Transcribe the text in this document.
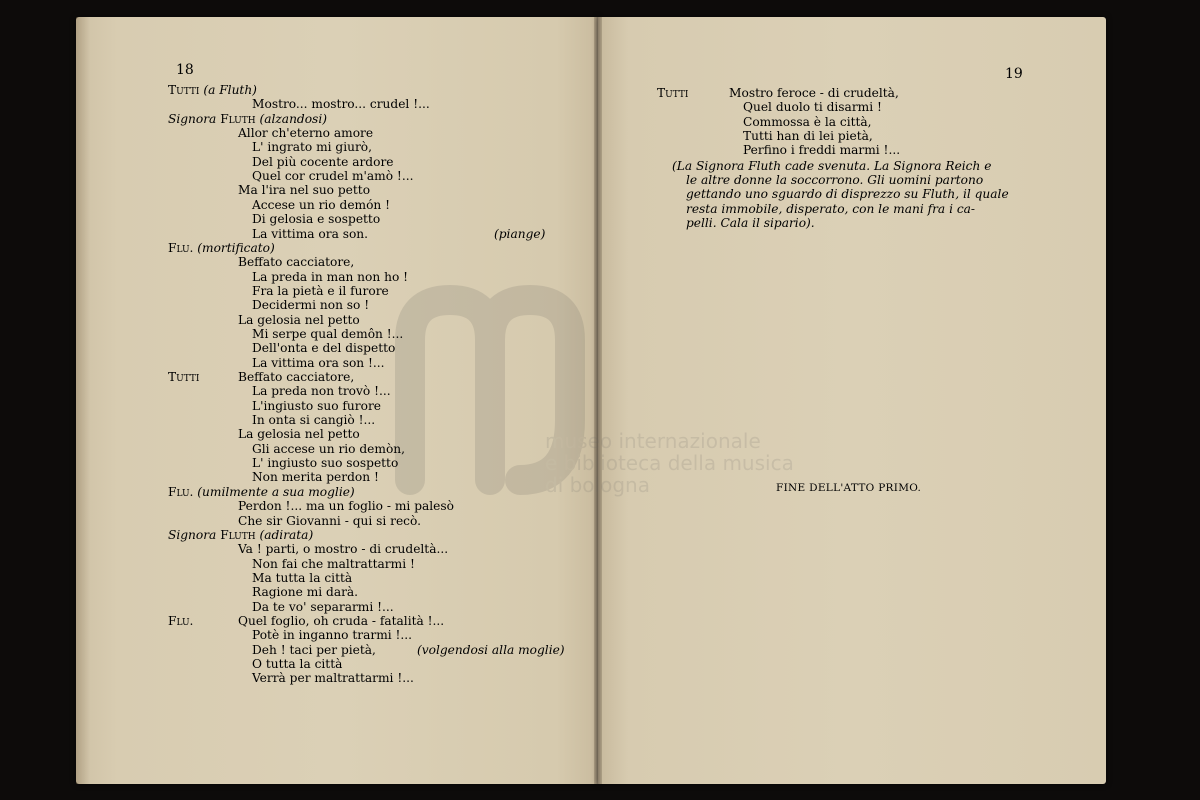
18	19
Tutti (a Fluth)
Mostro... mostro... crudel !...
Signora Fluth (alzandosi)
Allor ch'eterno amore
L' ingrato mi giurò,
Del più cocente ardore
Quel cor crudel m'amò !...
Ma l'ira nel suo petto
Accese un rio demón !
Di gelosia e sospetto
La vittima ora son.	(piange)
Flu. (mortificato)
Beffato cacciatore,
La preda in man non ho !
Fra la pietà e il furore
Decidermi non so !
La gelosia nel petto
Mi serpe qual demôn !...
Dell'onta e del dispetto
La vittima ora son !...
Tutti	Beffato cacciatore,
La preda non trovò !...
L'ingiusto suo furore
In onta si cangiò !...
La gelosia nel petto
Gli accese un rio demòn,
L' ingiusto suo sospetto
Non merita perdon !
Flu. (umilmente a sua moglie)
Perdon !... ma un foglio - mi palesò
Che sir Giovanni - qui si recò.
Signora Fluth (adirata)
Va ! parti, o mostro - di crudeltà...
Non fai che maltrattarmi !
Ma tutta la città
Ragione mi darà.
Da te vo' separarmi !...
Flu.	Quel foglio, oh cruda - fatalità !...
Potè in inganno trarmi !...
Deh ! taci per pietà,	(volgendosi alla moglie)
O tutta la città
Verrà per maltrattarmi !...
Tutti	Mostro feroce - di crudeltà,
Quel duolo ti disarmi !
Commossa è la città,
Tutti han di lei pietà,
Perfino i freddi marmi !...
(La Signora Fluth cade svenuta. La Signora Reich e
le altre donne la soccorrono. Gli uomini partono
gettando uno sguardo di disprezzo su Fluth, il quale
resta immobile, disperato, con le mani fra i ca-
pelli. Cala il sipario).
FINE DELL'ATTO PRIMO.
